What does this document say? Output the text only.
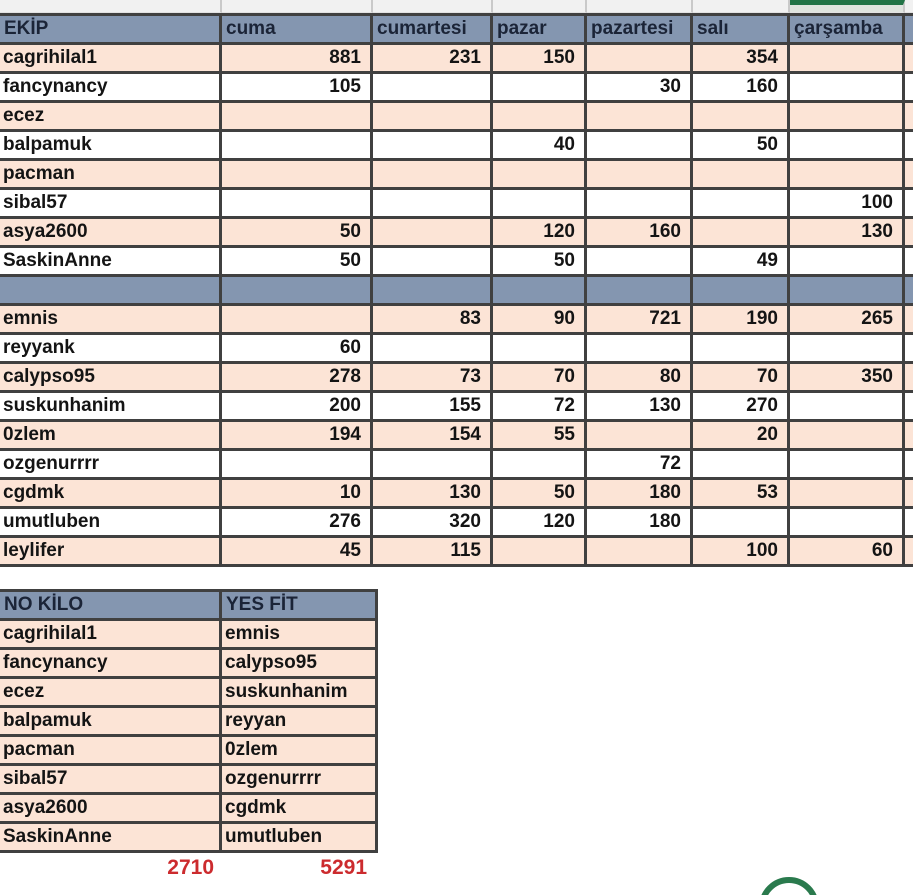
EKİP	cuma	cumartesi	pazar	pazartesi	salı	çarşamba	
cagrihilal1	881	231	150		354		
fancynancy	105			30	160		
ecez							
balpamuk			40		50		
pacman							
sibal57						100	
asya2600	50		120	160		130	
SaskinAnne	50		50		49		

emnis		83	90	721	190	265	
reyyank	60						
calypso95	278	73	70	80	70	350	
suskunhanim	200	155	72	130	270		
0zlem	194	154	55		20		
ozgenurrrr				72			
cgdmk	10	130	50	180	53		
umutluben	276	320	120	180			
leylifer	45	115			100	60	
NO KİLO	YES FİT
cagrihilal1	emnis
fancynancy	calypso95
ecez	suskunhanim
balpamuk	reyyan
pacman	0zlem
sibal57	ozgenurrrr
asya2600	cgdmk
SaskinAnne	umutluben
2710	5291
